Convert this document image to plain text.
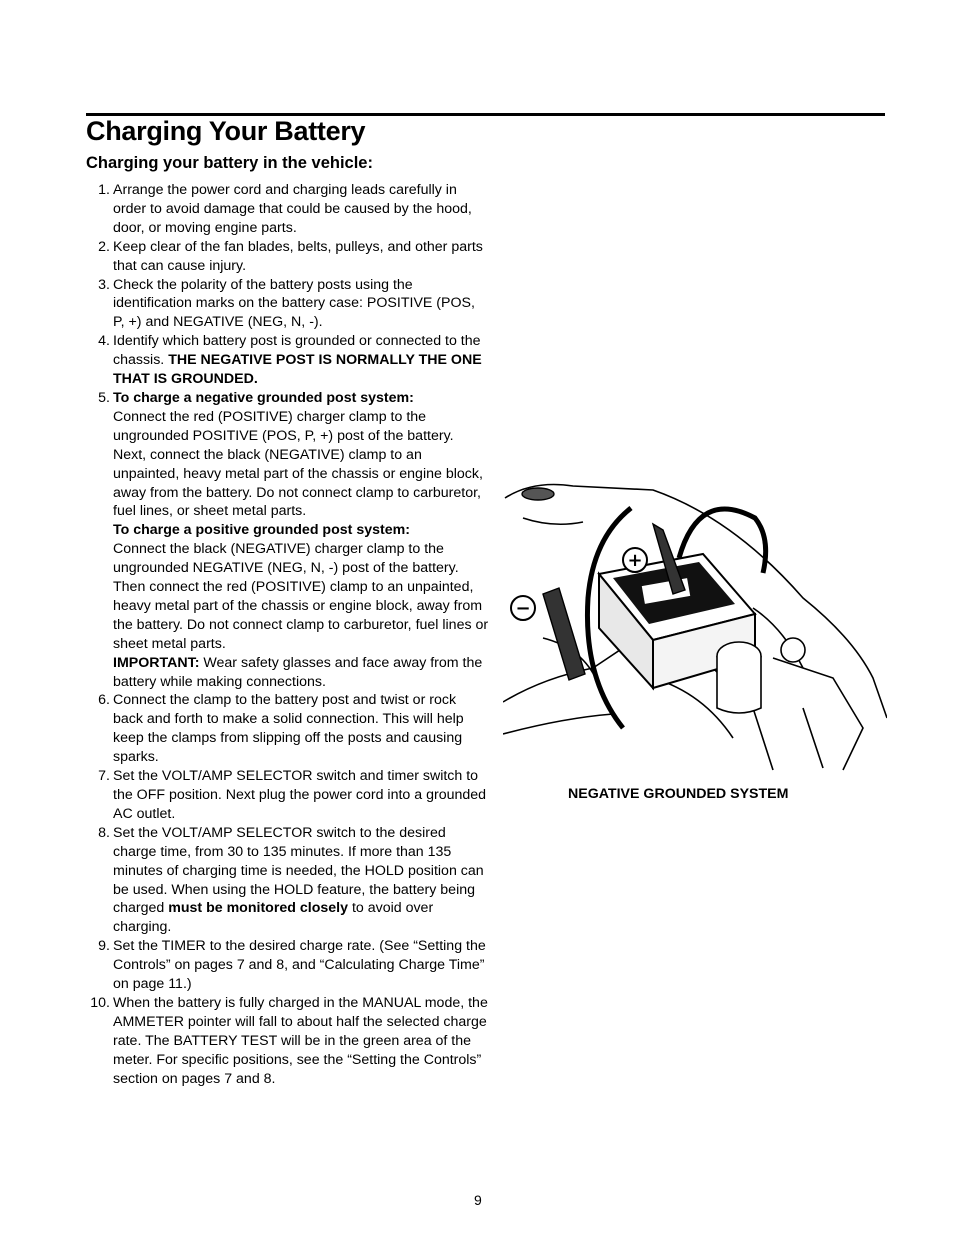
Charging Your Battery
Charging your battery in the vehicle:
1. Arrange the power cord and charging leads carefully in order to avoid damage that could be caused by the hood, door, or moving engine parts.
2. Keep clear of the fan blades, belts, pulleys, and other parts that can cause injury.
3. Check the polarity of the battery posts using the identification marks on the battery case: POSITIVE (POS, P, +) and NEGATIVE (NEG, N, -).
4. Identify which battery post is grounded or connected to the chassis. THE NEGATIVE POST IS NORMALLY THE ONE THAT IS GROUNDED.
5. To charge a negative grounded post system:
Connect the red (POSITIVE) charger clamp to the ungrounded POSITIVE (POS, P, +) post of the battery. Next, connect the black (NEGATIVE) clamp to an unpainted, heavy metal part of the chassis or engine block, away from the battery. Do not connect clamp to carburetor, fuel lines, or sheet metal parts.
To charge a positive grounded post system:
Connect the black (NEGATIVE) charger clamp to the ungrounded NEGATIVE (NEG, N, -) post of the battery. Then connect the red (POSITIVE) clamp to an unpainted, heavy metal part of the chassis or engine block, away from the battery. Do not connect clamp to carburetor, fuel lines or sheet metal parts.
IMPORTANT: Wear safety glasses and face away from the battery while making connections.
6. Connect the clamp to the battery post and twist or rock back and forth to make a solid connection. This will help keep the clamps from slipping off the posts and causing sparks.
7. Set the VOLT/AMP SELECTOR switch and timer switch to the OFF position. Next plug the power cord into a grounded AC outlet.
8. Set the VOLT/AMP SELECTOR switch to the desired charge time, from 30 to 135 minutes. If more than 135 minutes of charging time is needed, the HOLD position can be used. When using the HOLD feature, the battery being charged must be monitored closely to avoid over charging.
9. Set the TIMER to the desired charge rate. (See “Setting the Controls” on pages 7 and 8, and “Calculating Charge Time” on page 11.)
10. When the battery is fully charged in the MANUAL mode, the AMMETER pointer will fall to about half the selected charge rate. The BATTERY TEST will be in the green area of the meter. For specific positions, see the “Setting the Controls” section on pages 7 and 8.
+
−
NEGATIVE GROUNDED SYSTEM
9
